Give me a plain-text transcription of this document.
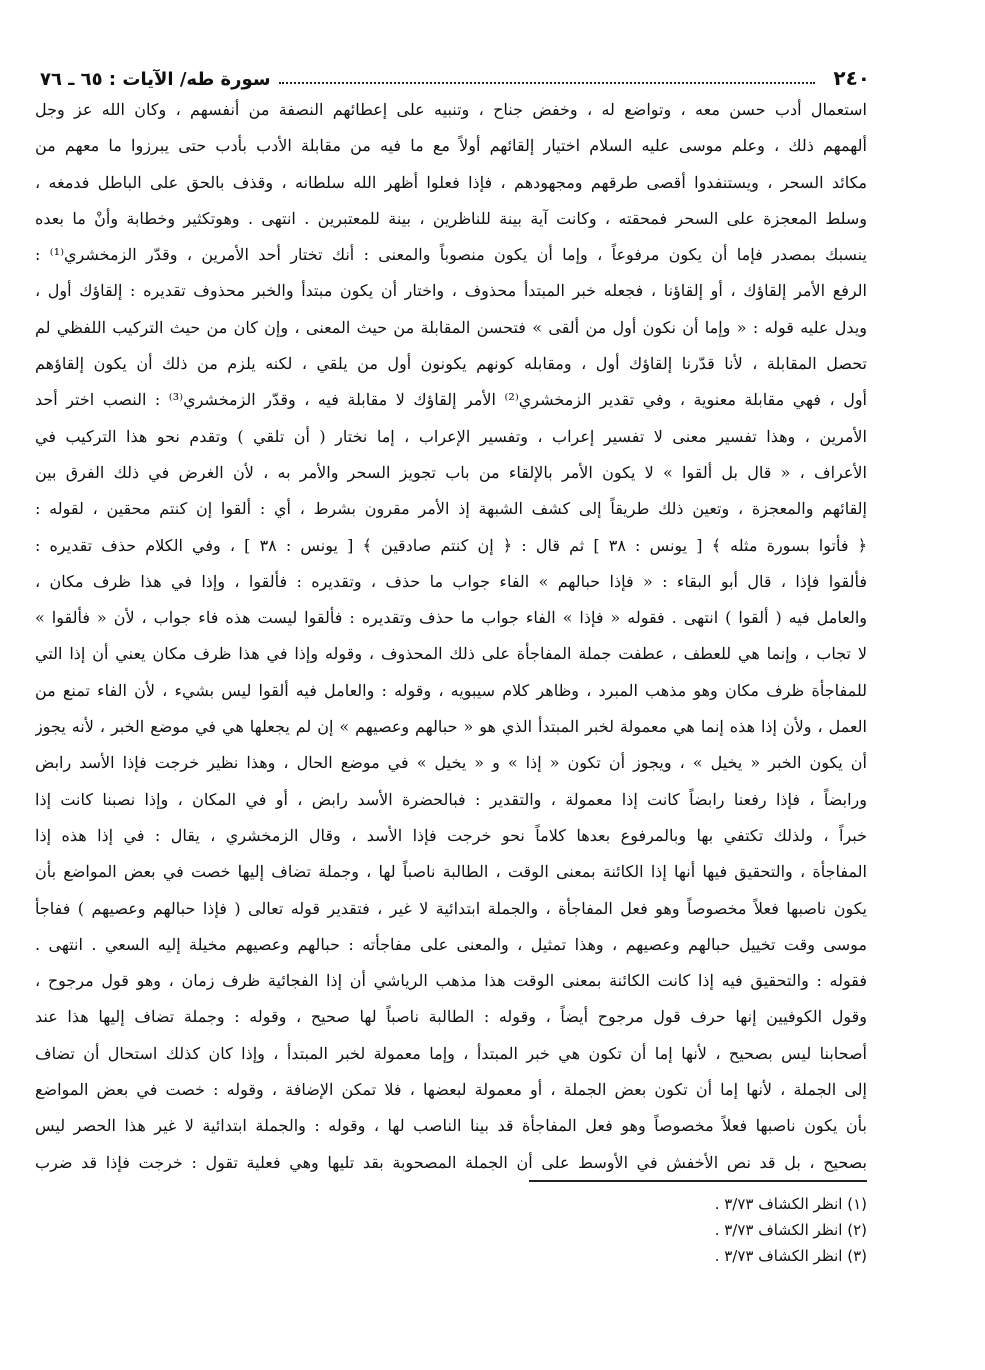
٢٤٠
سورة طه/ الآيات : ٦٥ ـ ٧٦
استعمال أدب حسن معه ، وتواضع له ، وخفض جناح ، وتنبيه على إعطائهم النصفة من أنفسهم ، وكان الله عز وجل
ألهمهم ذلك ، وعلم موسى عليه السلام اختيار إلقائهم أولاً مع ما فيه من مقابلة الأدب بأدب حتى يبرزوا ما معهم من
مكائد السحر ، ويستنفدوا أقصى طرقهم ومجهودهم ، فإذا فعلوا أظهر الله سلطانه ، وقذف بالحق على الباطل فدمغه ،
وسلط المعجزة على السحر فمحقته ، وكانت آية بينة للناظرين ، بينة للمعتبرين . انتهى . وهوتكثير وخطابة وأنْ ما بعده
ينسبك بمصدر فإما أن يكون مرفوعاً ، وإما أن يكون منصوباً والمعنى : أنك تختار أحد الأمرين ، وقدّر الزمخشري⁽¹⁾ :
الرفع الأمر إلقاؤك ، أو إلقاؤنا ، فجعله خبر المبتدأ محذوف ، واختار أن يكون مبتدأ والخبر محذوف تقديره : إلقاؤك أول ،
ويدل عليه قوله : « وإما أن نكون أول من ألقى » فتحسن المقابلة من حيث المعنى ، وإن كان من حيث التركيب اللفظي لم
تحصل المقابلة ، لأنا قدّرنا إلقاؤك أول ، ومقابله كونهم يكونون أول من يلقي ، لكنه يلزم من ذلك أن يكون إلقاؤهم
أول ، فهي مقابلة معنوية ، وفي تقدير الزمخشري⁽²⁾ الأمر إلقاؤك لا مقابلة فيه ، وقدّر الزمخشري⁽³⁾ : النصب اختر أحد
الأمرين ، وهذا تفسير معنى لا تفسير إعراب ، وتفسير الإعراب ، إما نختار ( أن تلقي ) وتقدم نحو هذا التركيب في
الأعراف ، « قال بل ألقوا » لا يكون الأمر بالإلقاء من باب تجويز السحر والأمر به ، لأن الغرض في ذلك الفرق بين
إلقائهم والمعجزة ، وتعين ذلك طريقاً إلى كشف الشبهة إذ الأمر مقرون بشرط ، أي : ألقوا إن كنتم محقين ، لقوله :
﴿ فأتوا بسورة مثله ﴾ [ يونس : ٣٨ ] ثم قال : ﴿ إن كنتم صادقين ﴾ [ يونس : ٣٨ ] ، وفي الكلام حذف تقديره :
فألقوا فإذا ، قال أبو البقاء : « فإذا حبالهم » الفاء جواب ما حذف ، وتقديره : فألقوا ، وإذا في هذا ظرف مكان ،
والعامل فيه ( ألقوا ) انتهى . فقوله « فإذا » الفاء جواب ما حذف وتقديره : فألقوا ليست هذه فاء جواب ، لأن « فألقوا »
لا تجاب ، وإنما هي للعطف ، عطفت جملة المفاجأة على ذلك المحذوف ، وقوله وإذا في هذا ظرف مكان يعني أن إذا التي
للمفاجأة ظرف مكان وهو مذهب المبرد ، وظاهر كلام سيبويه ، وقوله : والعامل فيه ألقوا ليس بشيء ، لأن الفاء تمنع من
العمل ، ولأن إذا هذه إنما هي معمولة لخبر المبتدأ الذي هو « حبالهم وعصيهم » إن لم يجعلها هي في موضع الخبر ، لأنه يجوز
أن يكون الخبر « يخيل » ، ويجوز أن تكون « إذا » و « يخيل » في موضع الحال ، وهذا نظير خرجت فإذا الأسد رابض
ورابضاً ، فإذا رفعنا رابضاً كانت إذا معمولة ، والتقدير : فبالحضرة الأسد رابض ، أو في المكان ، وإذا نصبنا كانت إذا
خبراً ، ولذلك تكتفي بها وبالمرفوع بعدها كلاماً نحو خرجت فإذا الأسد ، وقال الزمخشري ، يقال : في إذا هذه إذا
المفاجأة ، والتحقيق فيها أنها إذا الكائنة بمعنى الوقت ، الطالبة ناصباً لها ، وجملة تضاف إليها خصت في بعض المواضع بأن
يكون ناصبها فعلاً مخصوصاً وهو فعل المفاجأة ، والجملة ابتدائية لا غير ، فتقدير قوله تعالى ( فإذا حبالهم وعصيهم ) ففاجأ
موسى وقت تخييل حبالهم وعصيهم ، وهذا تمثيل ، والمعنى على مفاجأته : حبالهم وعصيهم مخيلة إليه السعي . انتهى .
فقوله : والتحقيق فيه إذا كانت الكائنة بمعنى الوقت هذا مذهب الرياشي أن إذا الفجائية ظرف زمان ، وهو قول مرجوح ،
وقول الكوفيين إنها حرف قول مرجوح أيضاً ، وقوله : الطالبة ناصباً لها صحيح ، وقوله : وجملة تضاف إليها هذا عند
أصحابنا ليس بصحيح ، لأنها إما أن تكون هي خبر المبتدأ ، وإما معمولة لخبر المبتدأ ، وإذا كان كذلك استحال أن تضاف
إلى الجملة ، لأنها إما أن تكون بعض الجملة ، أو معمولة لبعضها ، فلا تمكن الإضافة ، وقوله : خصت في بعض المواضع
بأن يكون ناصبها فعلاً مخصوصاً وهو فعل المفاجأة قد بينا الناصب لها ، وقوله : والجملة ابتدائية لا غير هذا الحصر ليس
بصحيح ، بل قد نص الأخفش في الأوسط على أن الجملة المصحوبة بقد تليها وهي فعلية تقول : خرجت فإذا قد ضرب
(١) انظر الكشاف ٣/٧٣ .
(٢) انظر الكشاف ٣/٧٣ .
(٣) انظر الكشاف ٣/٧٣ .
